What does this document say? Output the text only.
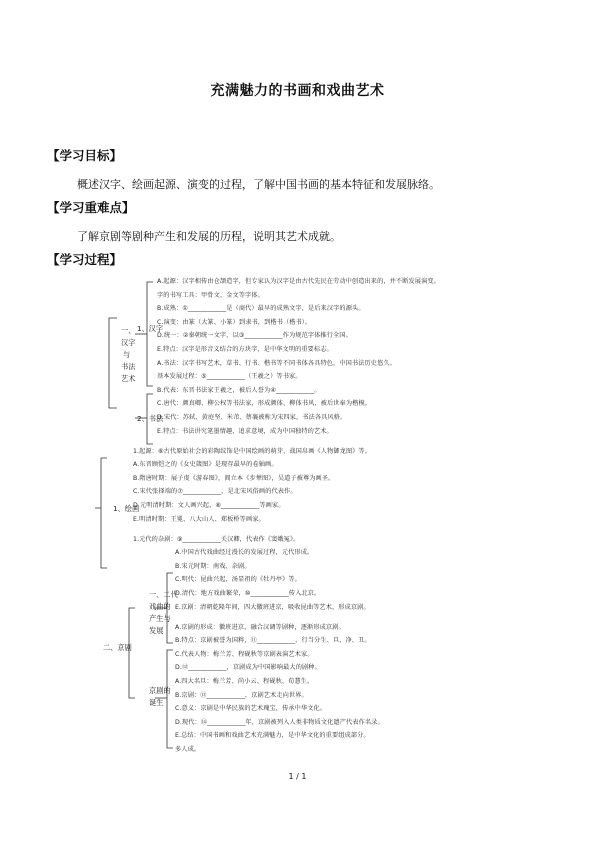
充满魅力的书画和戏曲艺术
【学习目标】
概述汉字、绘画起源、演变的过程，了解中国书画的基本特征和发展脉络。
【学习重难点】
了解京剧等剧种产生和发展的历程，说明其艺术成就。
【学习过程】
一、
汉字
与
书法
艺术
1、汉字
2、书法
1、绘画
二、京剧
一、二代
戏曲的
产生与
发展
京剧的
诞生
A.起源：汉字相传由仓颉造字，但专家认为汉字是由古代先民在劳动中创造出来的，并不断发展演变。
字的书写工具：甲骨文、金文等字体。
B.成熟：①____________是（商代）最早的成熟文字，是后来汉字的源头。
C.演变：由篆（大篆、小篆）到隶书，到楷书（楷书）。
D.统一：②秦朝统一文字，以③____________作为规范字体推行全国。
E.特点：汉字是形音义结合的方块字，是中华文明的重要标志。
A.书法：汉字书写艺术，草书、行书、楷书等不同书体各具特色，中国书法历史悠久。
基本发展过程：⑤____________（王羲之）等书家。
B.代表：东晋书法家王羲之，被后人誉为④____________。
C.唐代：颜真卿、柳公权等书法家，形成颜体、柳体书风，被后世奉为楷模。
D.宋代：苏轼、黄庭坚、米芾、蔡襄被称为宋四家，书法各具风格。
E.特点：书法讲究笔墨情趣，追求意境，成为中国独特的艺术。
1.起源：⑥古代原始社会的彩陶纹饰是中国绘画的萌芽，战国帛画《人物御龙图》等。
A.东晋顾恺之的《女史箴图》是现存最早的卷轴画。
B.隋唐时期：展子虔《游春图》，阎立本《步辇图》，吴道子被尊为画圣。
C.宋代张择端的⑦____________，是北宋风俗画的代表作。
D.元明清时期：文人画兴起，⑧____________等画家。
E.明清时期：王冕、八大山人、郑板桥等画家。
1.元代的杂剧：⑨____________关汉卿，代表作《窦娥冤》。
A.中国古代戏曲经过漫长的发展过程，元代形成。
B.宋元时期：南戏、杂剧。
C.明代：昆曲兴起，汤显祖的《牡丹亭》等。
D.清代：地方戏曲繁荣，⑩____________传入北京。
E.京剧：清朝乾隆年间，四大徽班进京，吸收昆曲等艺术，形成京剧。
A.京剧的形成：徽班进京，融合汉调等剧种，逐渐形成京剧。
B.特点：京剧被誉为国粹，⑪____________，行当分生、旦、净、丑。
C.代表人物：梅兰芳、程砚秋等京剧表演艺术家。
D.⑫____________，京剧成为中国影响最大的剧种。
A.四大名旦：梅兰芳、尚小云、程砚秋、荀慧生。
B.京剧：⑬____________，京剧艺术走向世界。
C.意义：京剧是中华民族的艺术瑰宝，传承中华文化。
D.现代：⑭____________年，京剧被列入人类非物质文化遗产代表作名录。
E.总结：中国书画和戏曲艺术充满魅力，是中华文化的重要组成部分。
多人成。
1 / 1
